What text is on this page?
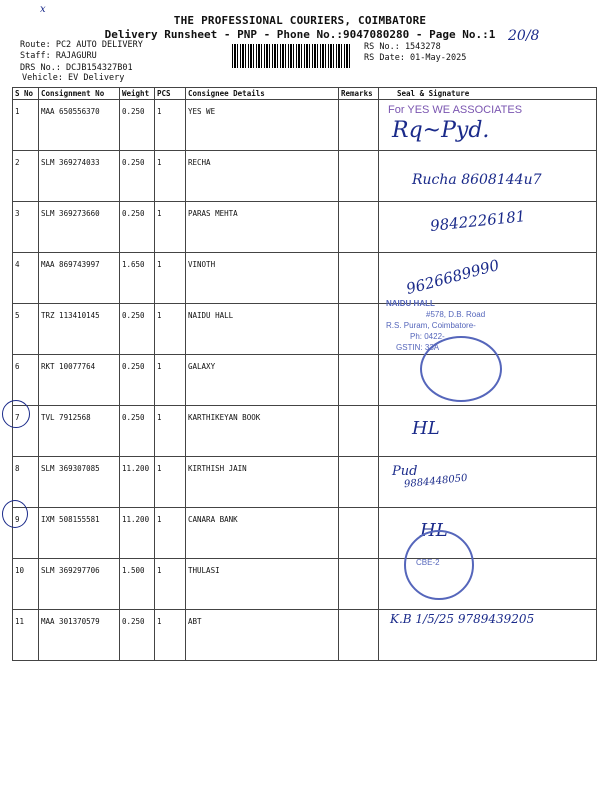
x
THE PROFESSIONAL COURIERS, COIMBATORE
Delivery Runsheet - PNP - Phone No.:9047080280 - Page No.:1 20/8
Route: PC2 AUTO DELIVERY
Staff: RAJAGURU
DRS No.: DCJB154327B01
Vehicle: EV Delivery
RS No.: 1543278
RS Date: 01-May-2025
S No	Consignment No	Weight	PCS	Consignee Details	Remarks	Seal & Signature
1	MAA 650556370	0.250	1	YES WE		
2	SLM 369274033	0.250	1	RECHA		
3	SLM 369273660	0.250	1	PARAS MEHTA		
4	MAA 869743997	1.650	1	VINOTH		
5	TRZ 113410145	0.250	1	NAIDU HALL		
6	RKT 10077764	0.250	1	GALAXY		
7	TVL 7912568	0.250	1	KARTHIKEYAN BOOK		
8	SLM 369307085	11.200	1	KIRTHISH JAIN		
9	IXM 508155581	11.200	1	CANARA BANK		
10	SLM 369297706	1.500	1	THULASI		
11	MAA 301370579	0.250	1	ABT		
For YES WE ASSOCIATES
Rq~Pyd.
Rucha 8608144u7
9842226181
9626689990
NAIDU HALL
#578, D.B. Road
R.S. Puram, Coimbatore-
Ph: 0422-
GSTIN: 33A
HL
Pud
9884448050
HL
CBE-2
K.B 1/5/25 9789439205
